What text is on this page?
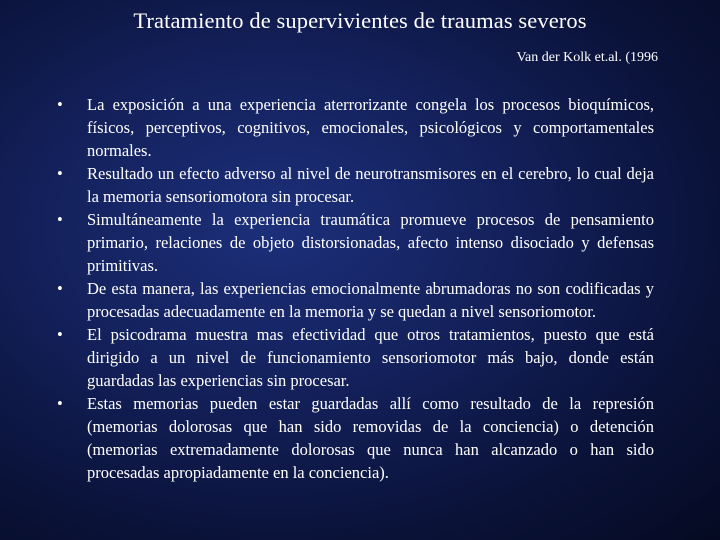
Tratamiento de supervivientes de traumas severos
Van der Kolk et.al. (1996
•	La exposición a una experiencia aterrorizante congela los procesos bioquímicos, físicos, perceptivos, cognitivos, emocionales, psicológicos y comportamentales normales.
•	Resultado un efecto adverso al nivel de neurotransmisores en el cerebro, lo cual deja la memoria sensoriomotora sin procesar.
•	Simultáneamente la experiencia traumática promueve procesos de pensamiento primario, relaciones de objeto distorsionadas, afecto intenso disociado y defensas primitivas.
•	De esta manera, las experiencias emocionalmente abrumadoras no son codificadas y procesadas adecuadamente en la memoria y se quedan a nivel sensoriomotor.
•	El psicodrama muestra mas efectividad que otros tratamientos, puesto que está dirigido a un nivel de funcionamiento sensoriomotor más bajo, donde están guardadas las experiencias sin procesar.
•	Estas memorias pueden estar guardadas allí como resultado de la represión (memorias dolorosas que han sido removidas de la conciencia) o detención (memorias extremadamente dolorosas que nunca han alcanzado o han sido procesadas apropiadamente en la conciencia).
